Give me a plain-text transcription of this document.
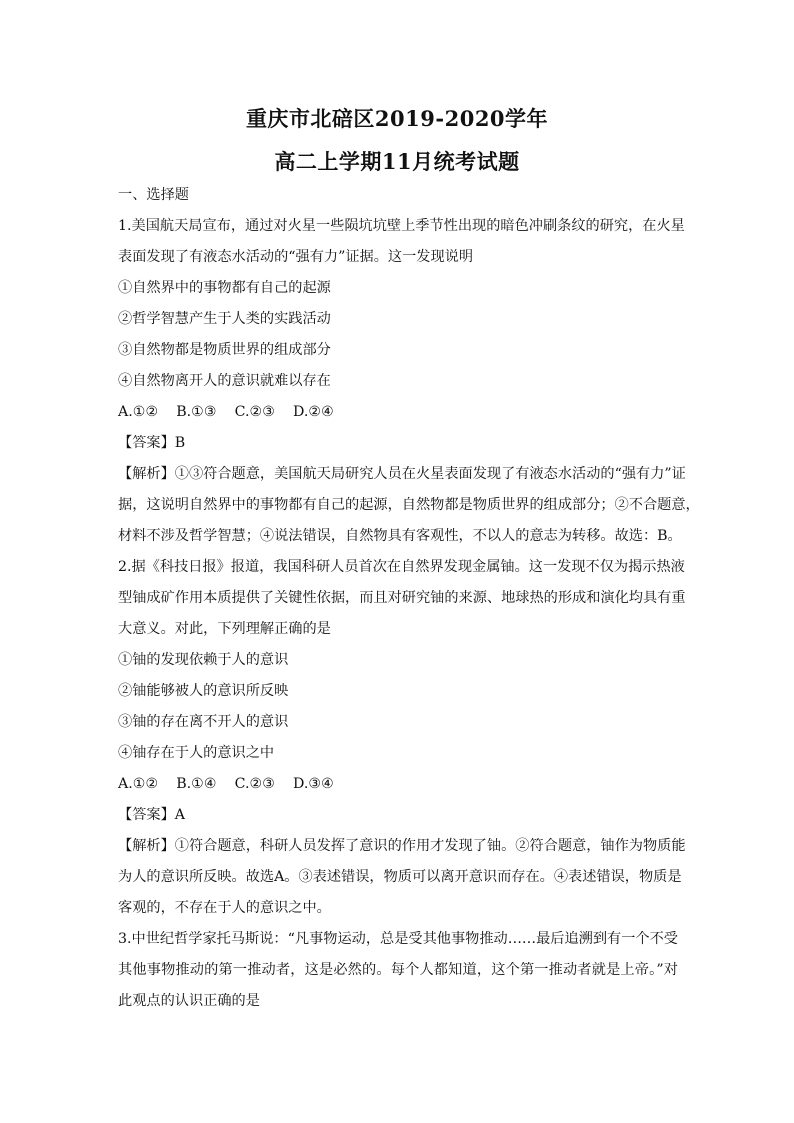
重庆市北碚区2019-2020学年
高二上学期11月统考试题
一、选择题
1.美国航天局宣布，通过对火星一些陨坑坑壁上季节性出现的暗色冲刷条纹的研究，在火星
表面发现了有液态水活动的“强有力”证据。这一发现说明
①自然界中的事物都有自己的起源
②哲学智慧产生于人类的实践活动
③自然物都是物质世界的组成部分
④自然物离开人的意识就难以存在
A.①②    B.①③    C.②③    D.②④
【答案】B
【解析】①③符合题意，美国航天局研究人员在火星表面发现了有液态水活动的“强有力”证
据，这说明自然界中的事物都有自己的起源，自然物都是物质世界的组成部分；②不合题意，
材料不涉及哲学智慧；④说法错误，自然物具有客观性，不以人的意志为转移。故选：B。
2.据《科技日报》报道，我国科研人员首次在自然界发现金属铀。这一发现不仅为揭示热液
型铀成矿作用本质提供了关键性依据，而且对研究铀的来源、地球热的形成和演化均具有重
大意义。对此，下列理解正确的是
①铀的发现依赖于人的意识
②铀能够被人的意识所反映
③铀的存在离不开人的意识
④铀存在于人的意识之中
A.①②    B.①④    C.②③    D.③④
【答案】A
【解析】①符合题意，科研人员发挥了意识的作用才发现了铀。②符合题意，铀作为物质能
为人的意识所反映。故选A。③表述错误，物质可以离开意识而存在。④表述错误，物质是
客观的，不存在于人的意识之中。
3.中世纪哲学家托马斯说：“凡事物运动，总是受其他事物推动……最后追溯到有一个不受
其他事物推动的第一推动者，这是必然的。每个人都知道，这个第一推动者就是上帝。”对
此观点的认识正确的是
